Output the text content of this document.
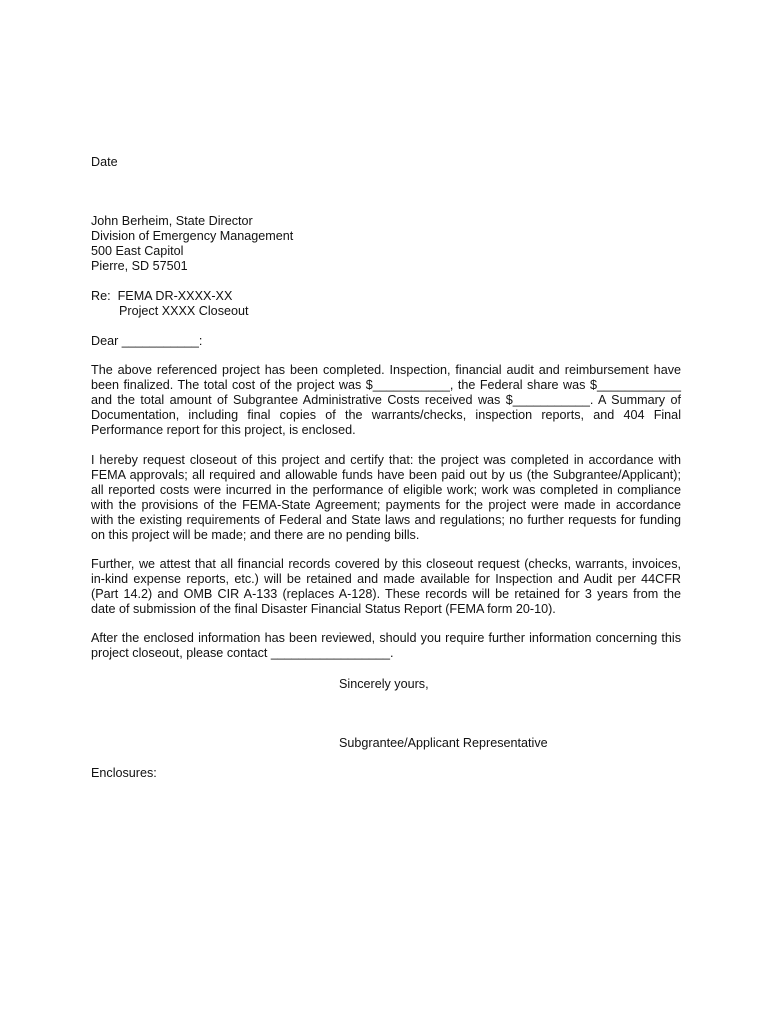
Date
John Berheim, State Director
Division of Emergency Management
500 East Capitol
Pierre, SD 57501
Re:  FEMA DR-XXXX-XX
Project XXXX Closeout
Dear ___________:
The above referenced project has been completed. Inspection, financial audit and reimbursement have
been finalized. The total cost of the project was $___________, the Federal share was $____________
and the total amount of Subgrantee Administrative Costs received was $___________. A Summary of
Documentation, including final copies of the warrants/checks, inspection reports, and 404 Final
Performance report for this project, is enclosed.
I hereby request closeout of this project and certify that: the project was completed in accordance with
FEMA approvals; all required and allowable funds have been paid out by us (the Subgrantee/Applicant);
all reported costs were incurred in the performance of eligible work; work was completed in compliance
with the provisions of the FEMA-State Agreement; payments for the project were made in accordance
with the existing requirements of Federal and State laws and regulations; no further requests for funding
on this project will be made; and there are no pending bills.
Further, we attest that all financial records covered by this closeout request (checks, warrants, invoices,
in-kind expense reports, etc.) will be retained and made available for Inspection and Audit per 44CFR
(Part 14.2) and OMB CIR A-133 (replaces A-128). These records will be retained for 3 years from the
date of submission of the final Disaster Financial Status Report (FEMA form 20-10).
After the enclosed information has been reviewed, should you require further information concerning this
project closeout, please contact _________________.
Sincerely yours,
Subgrantee/Applicant Representative
Enclosures:
